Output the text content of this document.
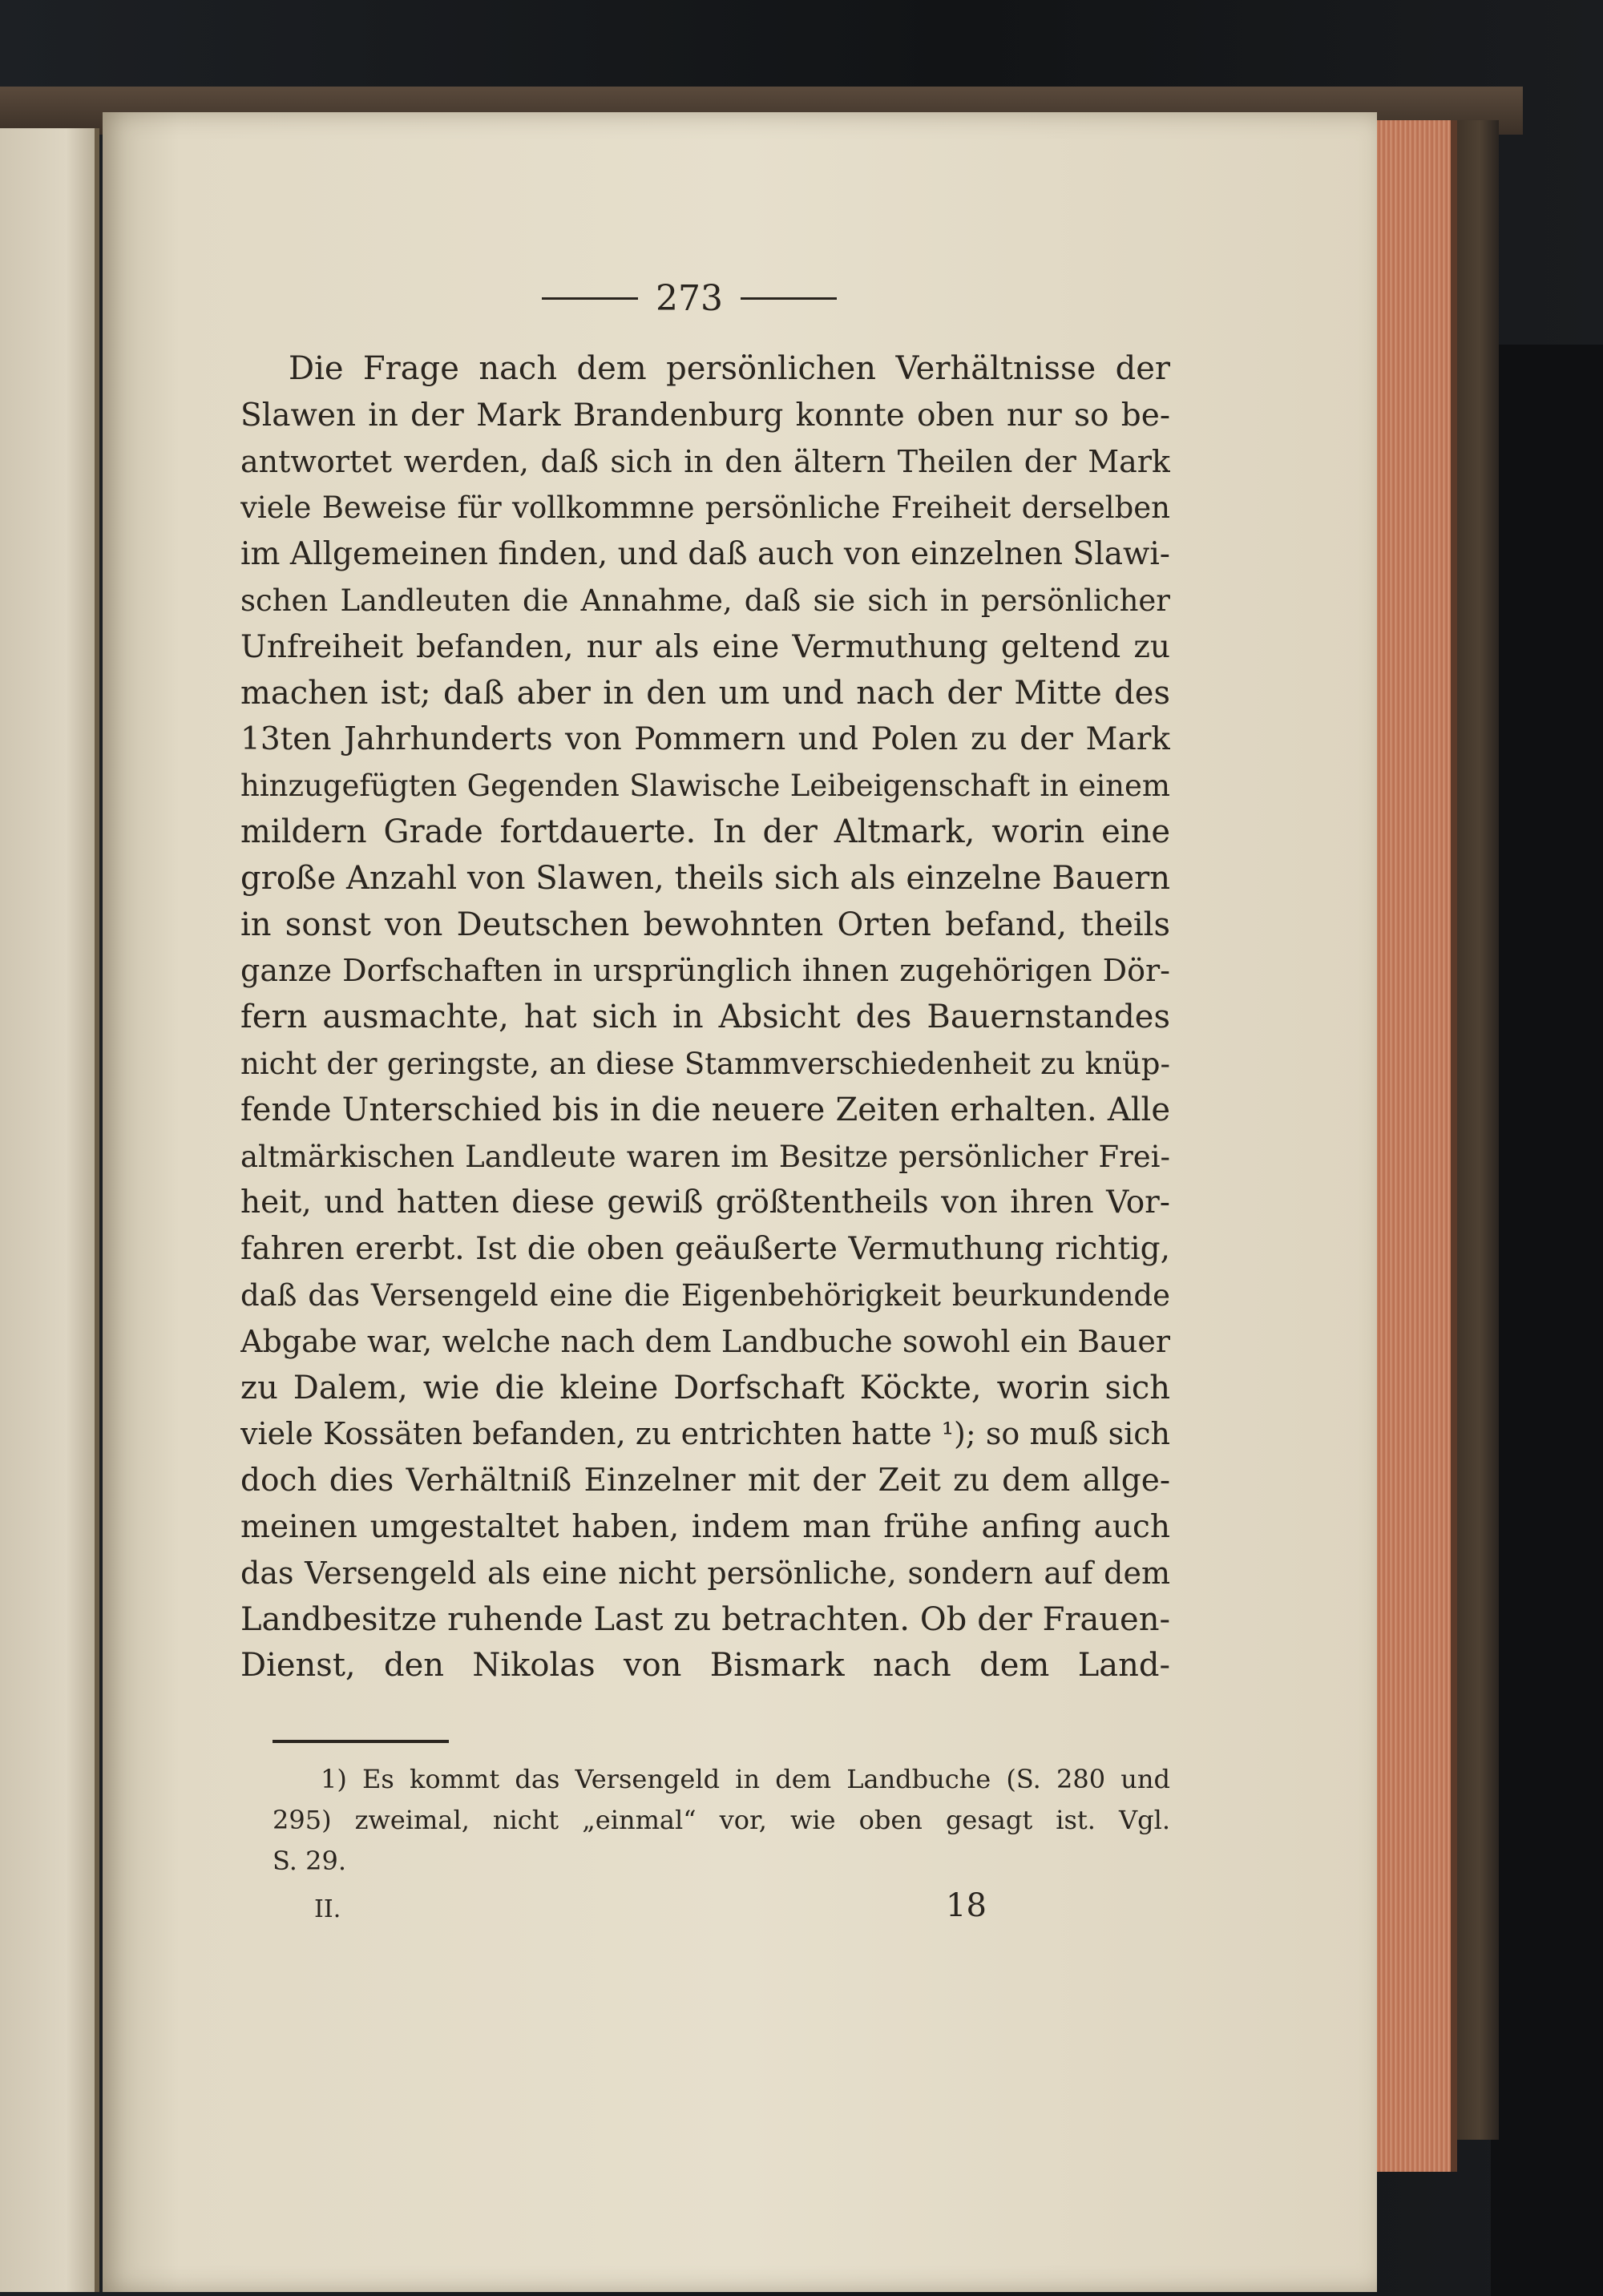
273
Die Frage nach dem persönlichen Verhältnisse der
Slawen in der Mark Brandenburg konnte oben nur so be-
antwortet werden, daß sich in den ältern Theilen der Mark
viele Beweise für vollkommne persönliche Freiheit derselben
im Allgemeinen finden, und daß auch von einzelnen Slawi-
schen Landleuten die Annahme, daß sie sich in persönlicher
Unfreiheit befanden, nur als eine Vermuthung geltend zu
machen ist; daß aber in den um und nach der Mitte des
13ten Jahrhunderts von Pommern und Polen zu der Mark
hinzugefügten Gegenden Slawische Leibeigenschaft in einem
mildern Grade fortdauerte. In der Altmark, worin eine
große Anzahl von Slawen, theils sich als einzelne Bauern
in sonst von Deutschen bewohnten Orten befand, theils
ganze Dorfschaften in ursprünglich ihnen zugehörigen Dör-
fern ausmachte, hat sich in Absicht des Bauernstandes
nicht der geringste, an diese Stammverschiedenheit zu knüp-
fende Unterschied bis in die neuere Zeiten erhalten. Alle
altmärkischen Landleute waren im Besitze persönlicher Frei-
heit, und hatten diese gewiß größtentheils von ihren Vor-
fahren ererbt. Ist die oben geäußerte Vermuthung richtig,
daß das Versengeld eine die Eigenbehörigkeit beurkundende
Abgabe war, welche nach dem Landbuche sowohl ein Bauer
zu Dalem, wie die kleine Dorfschaft Köckte, worin sich
viele Kossäten befanden, zu entrichten hatte ¹); so muß sich
doch dies Verhältniß Einzelner mit der Zeit zu dem allge-
meinen umgestaltet haben, indem man frühe anfing auch
das Versengeld als eine nicht persönliche, sondern auf dem
Landbesitze ruhende Last zu betrachten. Ob der Frauen-
Dienst, den Nikolas von Bismark nach dem Land-
1) Es kommt das Versengeld in dem Landbuche (S. 280 und
295) zweimal, nicht „einmal“ vor, wie oben gesagt ist. Vgl.
S. 29.
II.	18
